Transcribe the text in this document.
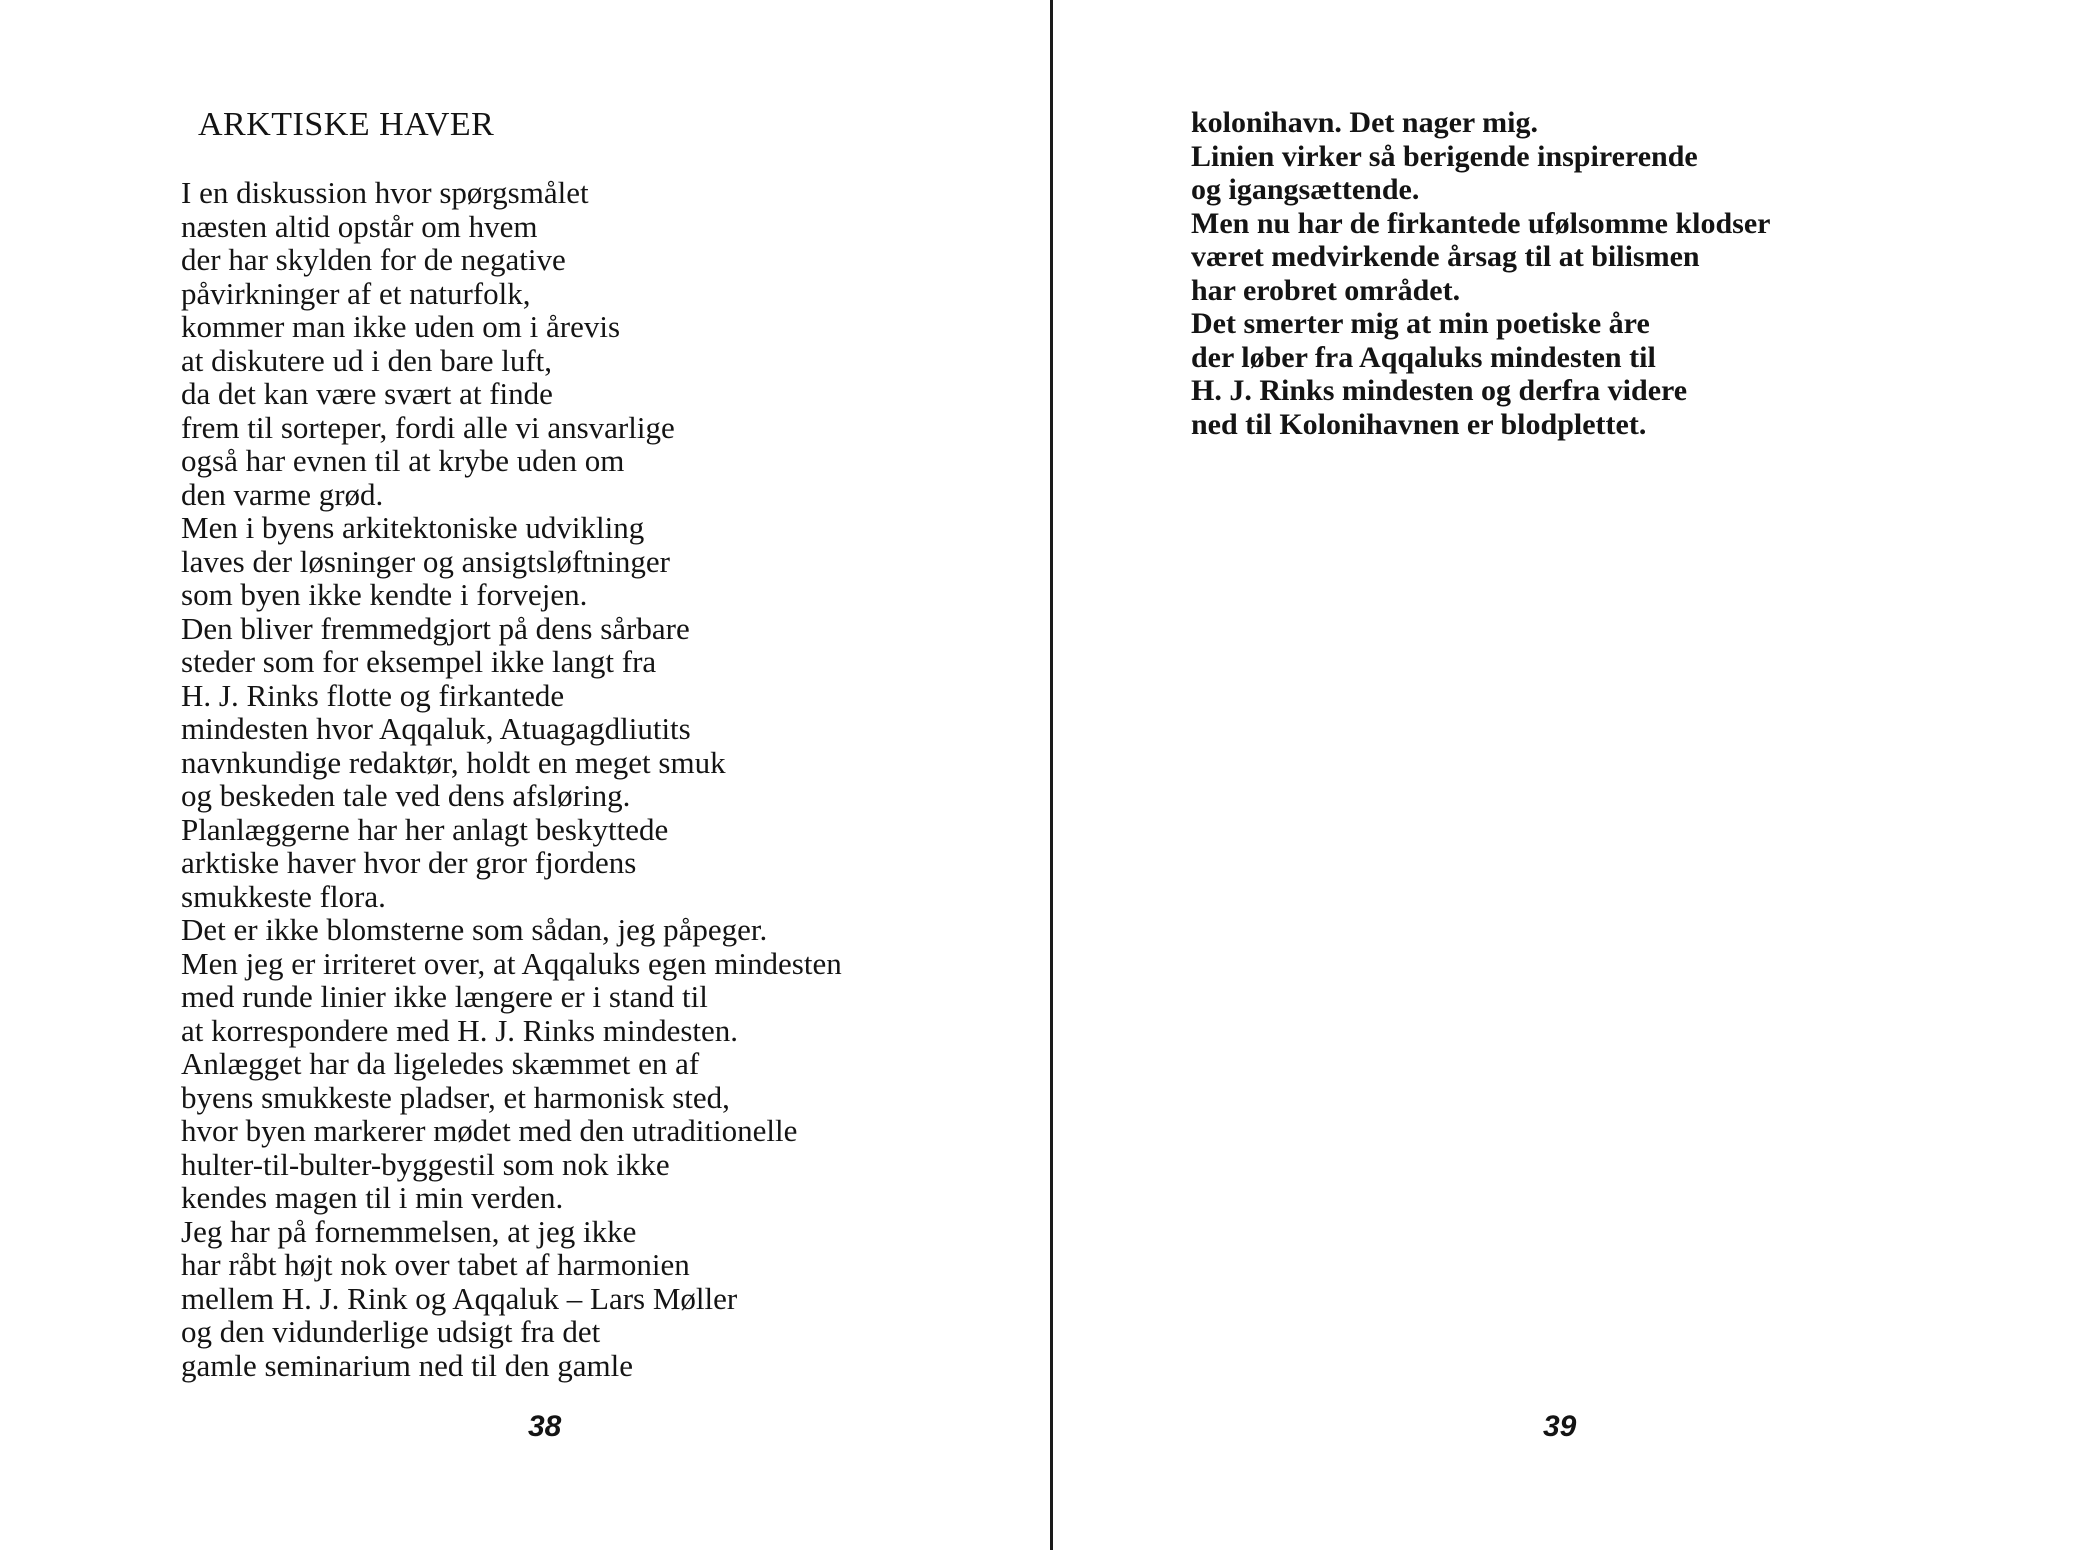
ARKTISKE HAVER
I en diskussion hvor spørgsmålet
næsten altid opstår om hvem
der har skylden for de negative
påvirkninger af et naturfolk,
kommer man ikke uden om i årevis
at diskutere ud i den bare luft,
da det kan være svært at finde
frem til sorteper, fordi alle vi ansvarlige
også har evnen til at krybe uden om
den varme grød.
Men i byens arkitektoniske udvikling
laves der løsninger og ansigtsløftninger
som byen ikke kendte i forvejen.
Den bliver fremmedgjort på dens sårbare
steder som for eksempel ikke langt fra
H. J. Rinks flotte og firkantede
mindesten hvor Aqqaluk, Atuagagdliutits
navnkundige redaktør, holdt en meget smuk
og beskeden tale ved dens afsløring.
Planlæggerne har her anlagt beskyttede
arktiske haver hvor der gror fjordens
smukkeste flora.
Det er ikke blomsterne som sådan, jeg påpeger.
Men jeg er irriteret over, at Aqqaluks egen mindesten
med runde linier ikke længere er i stand til
at korrespondere med H. J. Rinks mindesten.
Anlægget har da ligeledes skæmmet en af
byens smukkeste pladser, et harmonisk sted,
hvor byen markerer mødet med den utraditionelle
hulter-til-bulter-byggestil som nok ikke
kendes magen til i min verden.
Jeg har på fornemmelsen, at jeg ikke
har råbt højt nok over tabet af harmonien
mellem H. J. Rink og Aqqaluk – Lars Møller
og den vidunderlige udsigt fra det
gamle seminarium ned til den gamle
38
kolonihavn. Det nager mig.
Linien virker så berigende inspirerende
og igangsættende.
Men nu har de firkantede ufølsomme klodser
været medvirkende årsag til at bilismen
har erobret området.
Det smerter mig at min poetiske åre
der løber fra Aqqaluks mindesten til
H. J. Rinks mindesten og derfra videre
ned til Kolonihavnen er blodplettet.
39
